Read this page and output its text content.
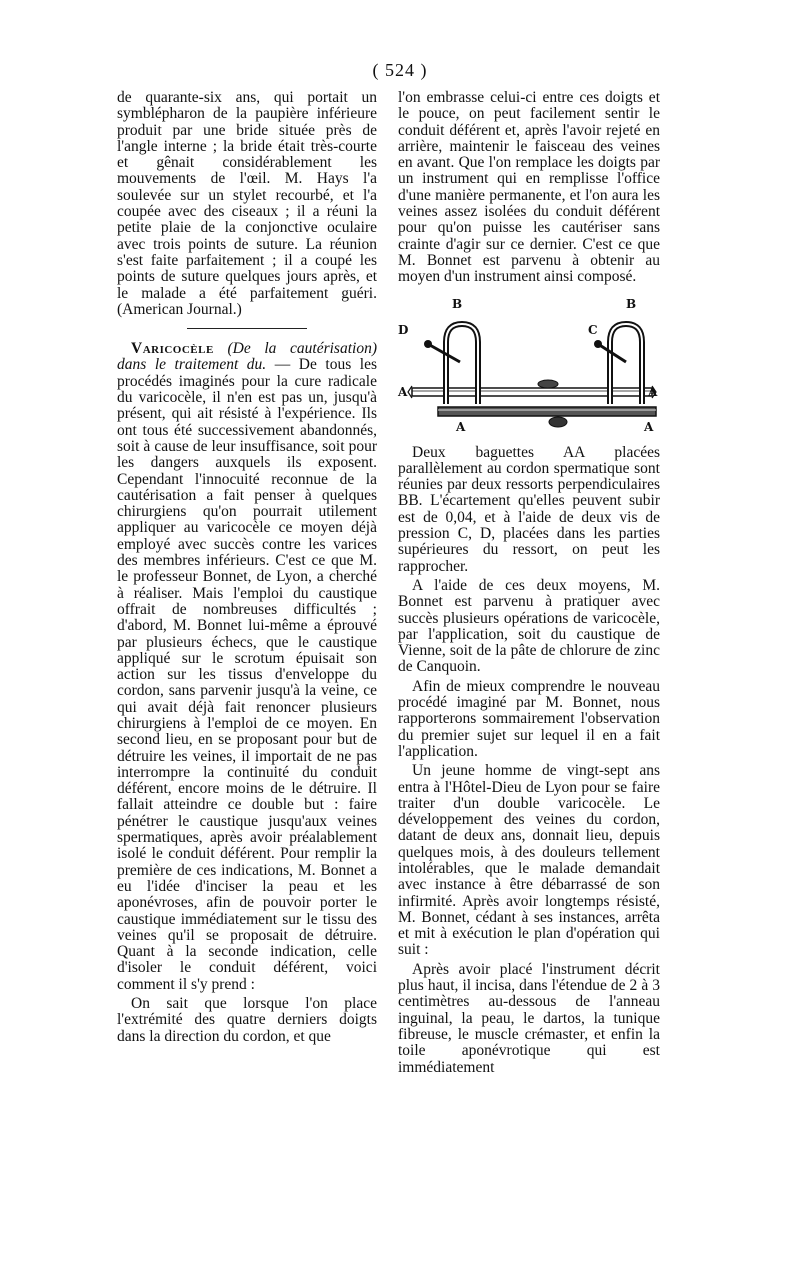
( 524 )

de quarante-six ans, qui portait un symblépharon de la paupière inférieure produit par une bride située près de l'angle interne ; la bride était très-courte et gênait considérablement les mouvements de l'œil. M. Hays l'a soulevée sur un stylet recourbé, et l'a coupée avec des ciseaux ; il a réuni la petite plaie de la conjonctive oculaire avec trois points de suture. La réunion s'est faite parfaitement ; il a coupé les points de suture quelques jours après, et le malade a été parfaitement guéri. (American Journal.)

Varicocèle (De la cautérisation) dans le traitement du. — De tous les procédés imaginés pour la cure radicale du varicocèle, il n'en est pas un, jusqu'à présent, qui ait résisté à l'expérience. Ils ont tous été successivement abandonnés, soit à cause de leur insuffisance, soit pour les dangers auxquels ils exposent. Cependant l'innocuité reconnue de la cautérisation a fait penser à quelques chirurgiens qu'on pourrait utilement appliquer au varicocèle ce moyen déjà employé avec succès contre les varices des membres inférieurs. C'est ce que M. le professeur Bonnet, de Lyon, a cherché à réaliser. Mais l'emploi du caustique offrait de nombreuses difficultés ; d'abord, M. Bonnet lui-même a éprouvé par plusieurs échecs, que le caustique appliqué sur le scrotum épuisait son action sur les tissus d'enveloppe du cordon, sans parvenir jusqu'à la veine, ce qui avait déjà fait renoncer plusieurs chirurgiens à l'emploi de ce moyen. En second lieu, en se proposant pour but de détruire les veines, il importait de ne pas interrompre la continuité du conduit déférent, encore moins de le détruire. Il fallait atteindre ce double but : faire pénétrer le caustique jusqu'aux veines spermatiques, après avoir préalablement isolé le conduit déférent. Pour remplir la première de ces indications, M. Bonnet a eu l'idée d'inciser la peau et les aponévroses, afin de pouvoir porter le caustique immédiatement sur le tissu des veines qu'il se proposait de détruire. Quant à la seconde indication, celle d'isoler le conduit déférent, voici comment il s'y prend :

On sait que lorsque l'on place l'extrémité des quatre derniers doigts dans la direction du cordon, et que

l'on embrasse celui-ci entre ces doigts et le pouce, on peut facilement sentir le conduit déférent et, après l'avoir rejeté en arrière, maintenir le faisceau des veines en avant. Que l'on remplace les doigts par un instrument qui en remplisse l'office d'une manière permanente, et l'on aura les veines assez isolées du conduit déférent pour qu'on puisse les cautériser sans crainte d'agir sur ce dernier. C'est ce que M. Bonnet est parvenu à obtenir au moyen d'un instrument ainsi composé.

B	B
C
D
A	A
A	A

Deux baguettes AA placées parallèlement au cordon spermatique sont réunies par deux ressorts perpendiculaires BB. L'écartement qu'elles peuvent subir est de 0,04, et à l'aide de deux vis de pression C, D, placées dans les parties supérieures du ressort, on peut les rapprocher.

A l'aide de ces deux moyens, M. Bonnet est parvenu à pratiquer avec succès plusieurs opérations de varicocèle, par l'application, soit du caustique de Vienne, soit de la pâte de chlorure de zinc de Canquoin.

Afin de mieux comprendre le nouveau procédé imaginé par M. Bonnet, nous rapporterons sommairement l'observation du premier sujet sur lequel il en a fait l'application.

Un jeune homme de vingt-sept ans entra à l'Hôtel-Dieu de Lyon pour se faire traiter d'un double varicocèle. Le développement des veines du cordon, datant de deux ans, donnait lieu, depuis quelques mois, à des douleurs tellement intolérables, que le malade demandait avec instance à être débarrassé de son infirmité. Après avoir longtemps résisté, M. Bonnet, cédant à ses instances, arrêta et mit à exécution le plan d'opération qui suit :

Après avoir placé l'instrument décrit plus haut, il incisa, dans l'étendue de 2 à 3 centimètres au-dessous de l'anneau inguinal, la peau, le dartos, la tunique fibreuse, le muscle crémaster, et enfin la toile aponévrotique qui est immédiatement
